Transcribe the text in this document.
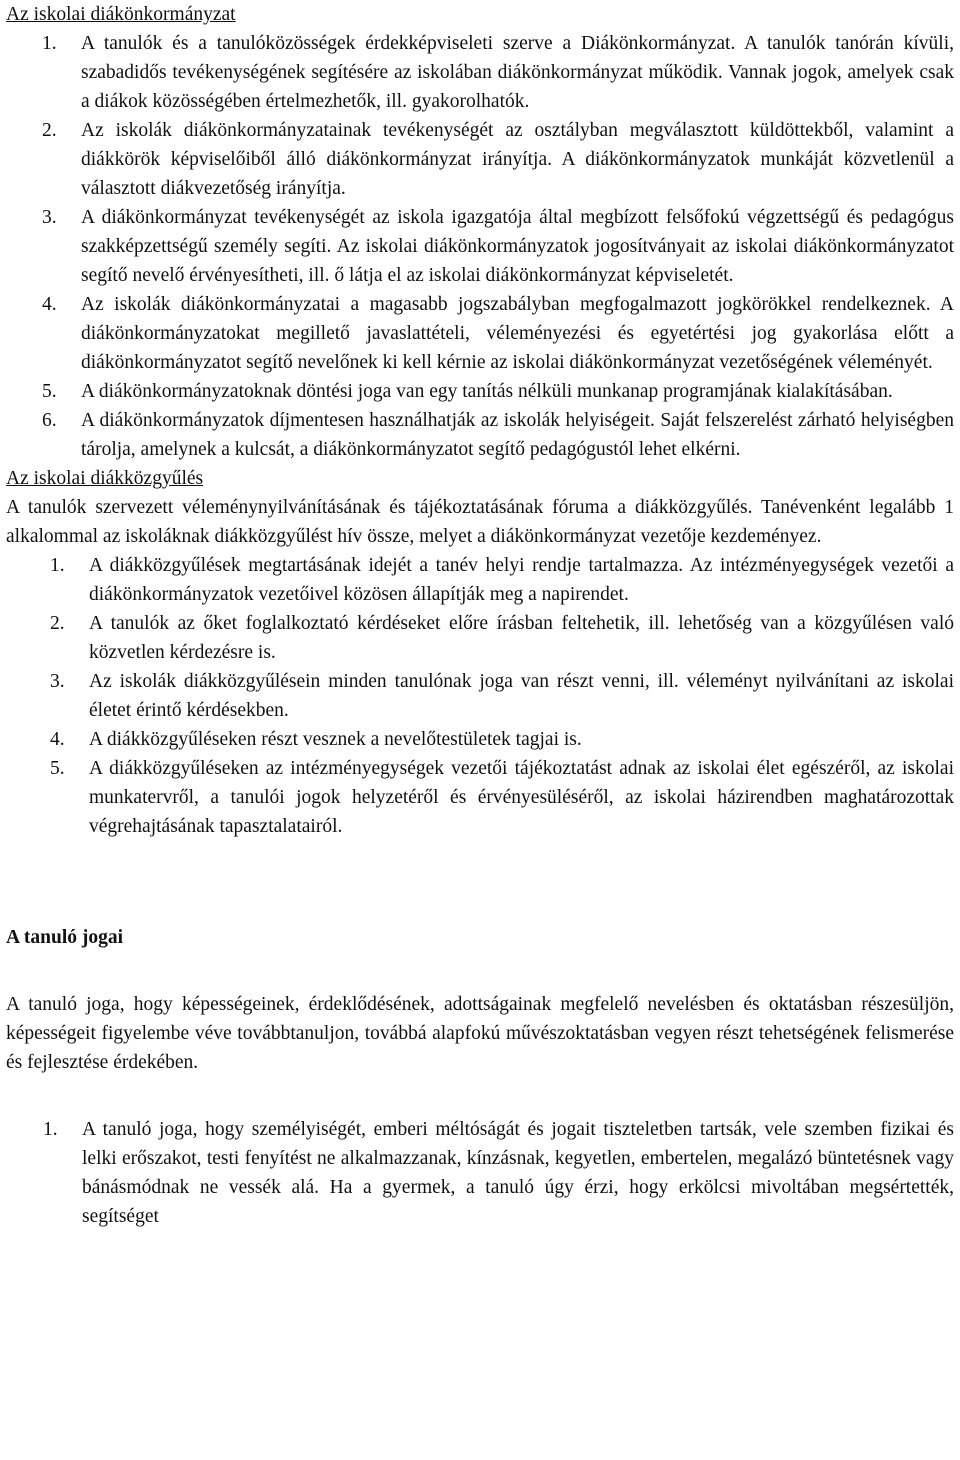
Az iskolai diákönkormányzat
1. A tanulók és a tanulóközösségek érdekképviseleti szerve a Diákönkormányzat. A tanulók tanórán kívüli, szabadidős tevékenységének segítésére az iskolában diákönkormányzat működik. Vannak jogok, amelyek csak a diákok közösségében értelmezhetők, ill. gyakorolhatók.
2. Az iskolák diákönkormányzatainak tevékenységét az osztályban megválasztott küldöttekből, valamint a diákkörök képviselőiből álló diákönkormányzat irányítja. A diákönkormányzatok munkáját közvetlenül a választott diákvezetőség irányítja.
3. A diákönkormányzat tevékenységét az iskola igazgatója által megbízott felsőfokú végzettségű és pedagógus szakképzettségű személy segíti. Az iskolai diákönkormányzatok jogosítványait az iskolai diákönkormányzatot segítő nevelő érvényesítheti, ill. ő látja el az iskolai diákönkormányzat képviseletét.
4. Az iskolák diákönkormányzatai a magasabb jogszabályban megfogalmazott jogkörökkel rendelkeznek. A diákönkormányzatokat megillető javaslattételi, véleményezési és egyetértési jog gyakorlása előtt a diákönkormányzatot segítő nevelőnek ki kell kérnie az iskolai diákönkormányzat vezetőségének véleményét.
5. A diákönkormányzatoknak döntési joga van egy tanítás nélküli munkanap programjának kialakításában.
6. A diákönkormányzatok díjmentesen használhatják az iskolák helyiségeit. Saját felszerelést zárható helyiségben tárolja, amelynek a kulcsát, a diákönkormányzatot segítő pedagógustól lehet elkérni.
Az iskolai diákközgyűlés

A tanulók szervezett véleménynyilvánításának és tájékoztatásának fóruma a diákközgyűlés. Tanévenként legalább 1 alkalommal az iskoláknak diákközgyűlést hív össze, melyet a diákönkormányzat vezetője kezdeményez.

1. A diákközgyűlések megtartásának idejét a tanév helyi rendje tartalmazza. Az intézményegységek vezetői a diákönkormányzatok vezetőivel közösen állapítják meg a napirendet.
2. A tanulók az őket foglalkoztató kérdéseket előre írásban feltehetik, ill. lehetőség van a közgyűlésen való közvetlen kérdezésre is.
3. Az iskolák diákközgyűlésein minden tanulónak joga van részt venni, ill. véleményt nyilvánítani az iskolai életet érintő kérdésekben.
4. A diákközgyűléseken részt vesznek a nevelőtestületek tagjai is.
5. A diákközgyűléseken az intézményegységek vezetői tájékoztatást adnak az iskolai élet egészéről, az iskolai munkatervről, a tanulói jogok helyzetéről és érvényesüléséről, az iskolai házirendben maghatározottak végrehajtásának tapasztalatairól.
A tanuló jogai

A tanuló joga, hogy képességeinek, érdeklődésének, adottságainak megfelelő nevelésben és oktatásban részesüljön, képességeit figyelembe véve továbbtanuljon, továbbá alapfokú művészoktatásban vegyen részt tehetségének felismerése és fejlesztése érdekében.

1. A tanuló joga, hogy személyiségét, emberi méltóságát és jogait tiszteletben tartsák, vele szemben fizikai és lelki erőszakot, testi fenyítést ne alkalmazzanak, kínzásnak, kegyetlen, embertelen, megalázó büntetésnek vagy bánásmódnak ne vessék alá. Ha a gyermek, a tanuló úgy érzi, hogy erkölcsi mivoltában megsértették, segítséget
